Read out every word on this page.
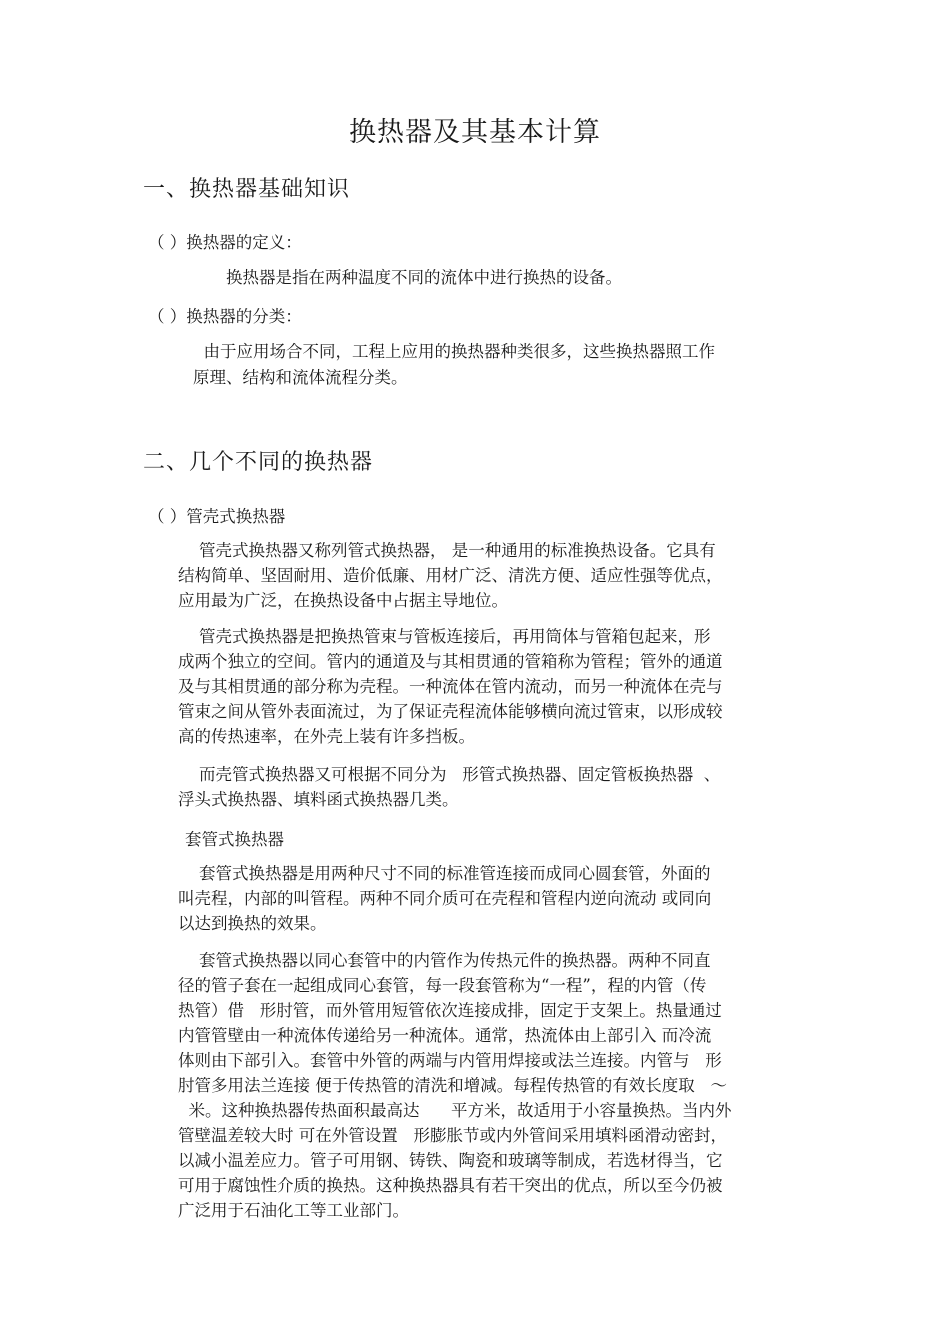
换热器及其基本计算
一、换热器基础知识
（ ）换热器的定义：
换热器是指在两种温度不同的流体中进行换热的设备。
（ ）换热器的分类：
由于应用场合不同，工程上应用的换热器种类很多，这些换热器照工作
原理、结构和流体流程分类。
二、几个不同的换热器
（ ）管壳式换热器
管壳式换热器又称列管式换热器， 是一种通用的标准换热设备。它具有
结构简单、坚固耐用、造价低廉、用材广泛、清洗方便、适应性强等优点，
应用最为广泛，在换热设备中占据主导地位。
管壳式换热器是把换热管束与管板连接后，再用筒体与管箱包起来，形
成两个独立的空间。管内的通道及与其相贯通的管箱称为管程；管外的通道
及与其相贯通的部分称为壳程。一种流体在管内流动，而另一种流体在壳与
管束之间从管外表面流过，为了保证壳程流体能够横向流过管束，以形成较
高的传热速率，在外壳上装有许多挡板。
而壳管式换热器又可根据不同分为   形管式换热器、固定管板换热器  、
浮头式换热器、填料函式换热器几类。
套管式换热器
套管式换热器是用两种尺寸不同的标准管连接而成同心圆套管，外面的
叫壳程，内部的叫管程。两种不同介质可在壳程和管程内逆向流动 或同向
以达到换热的效果。
套管式换热器以同心套管中的内管作为传热元件的换热器。两种不同直
径的管子套在一起组成同心套管，每一段套管称为“一程”，程的内管（传
热管）借   形肘管，而外管用短管依次连接成排，固定于支架上。热量通过
内管管壁由一种流体传递给另一种流体。通常，热流体由上部引入 而冷流
体则由下部引入。套管中外管的两端与内管用焊接或法兰连接。内管与   形
肘管多用法兰连接 便于传热管的清洗和增减。每程传热管的有效长度取   ～
米。这种换热器传热面积最高达      平方米，故适用于小容量换热。当内外
管壁温差较大时 可在外管设置   形膨胀节或内外管间采用填料函滑动密封，
以减小温差应力。管子可用钢、铸铁、陶瓷和玻璃等制成，若选材得当，它
可用于腐蚀性介质的换热。这种换热器具有若干突出的优点，所以至今仍被
广泛用于石油化工等工业部门。
